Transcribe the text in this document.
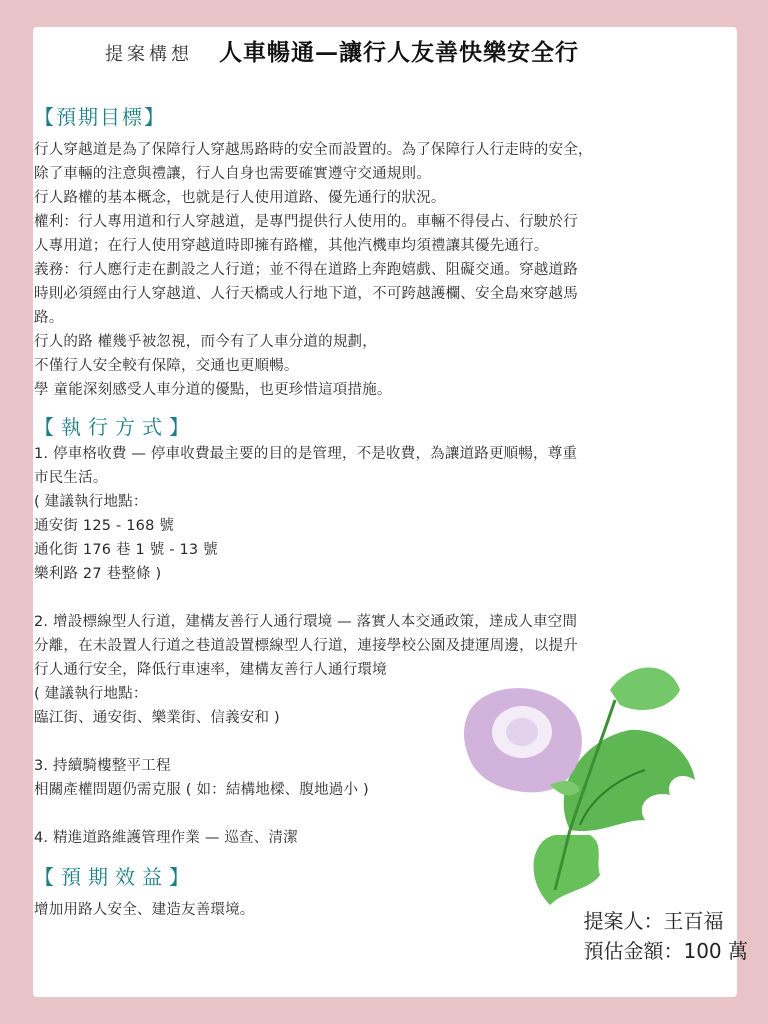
提案構想 人車暢通—讓行人友善快樂安全行
【預期目標】
行人穿越道是為了保障行人穿越馬路時的安全而設置的。為了保障行人行走時的安全，
除了車輛的注意與禮讓，行人自身也需要確實遵守交通規則。
行人路權的基本概念，也就是行人使用道路、優先通行的狀況。
權利：行人專用道和行人穿越道，是專門提供行人使用的。車輛不得侵占、行駛於行
人專用道；在行人使用穿越道時即擁有路權，其他汽機車均須禮讓其優先通行。
義務：行人應行走在劃設之人行道；並不得在道路上奔跑嬉戲、阻礙交通。穿越道路
時則必須經由行人穿越道、人行天橋或人行地下道，不可跨越護欄、安全島來穿越馬
路。
行人的路 權幾乎被忽視，而今有了人車分道的規劃，
不僅行人安全較有保障，交通也更順暢。
學 童能深刻感受人車分道的優點，也更珍惜這項措施。
【執行方式】
1. 停車格收費 — 停車收費最主要的目的是管理，不是收費，為讓道路更順暢，尊重
市民生活。
( 建議執行地點：
通安街 125 - 168 號
通化街 176 巷 1 號 - 13 號
樂利路 27 巷整條 )
2. 增設標線型人行道，建構友善行人通行環境 — 落實人本交通政策，達成人車空間
分離，在未設置人行道之巷道設置標線型人行道，連接學校公園及捷運周邊，以提升
行人通行安全，降低行車速率，建構友善行人通行環境
( 建議執行地點：
臨江街、通安街、樂業街、信義安和 )
3. 持續騎樓整平工程
相關產權問題仍需克服 ( 如：結構地樑、腹地過小 )
4. 精進道路維護管理作業 — 巡查、清潔
【預期效益】
增加用路人安全、建造友善環境。	提案人：王百福
預估金額：100 萬
